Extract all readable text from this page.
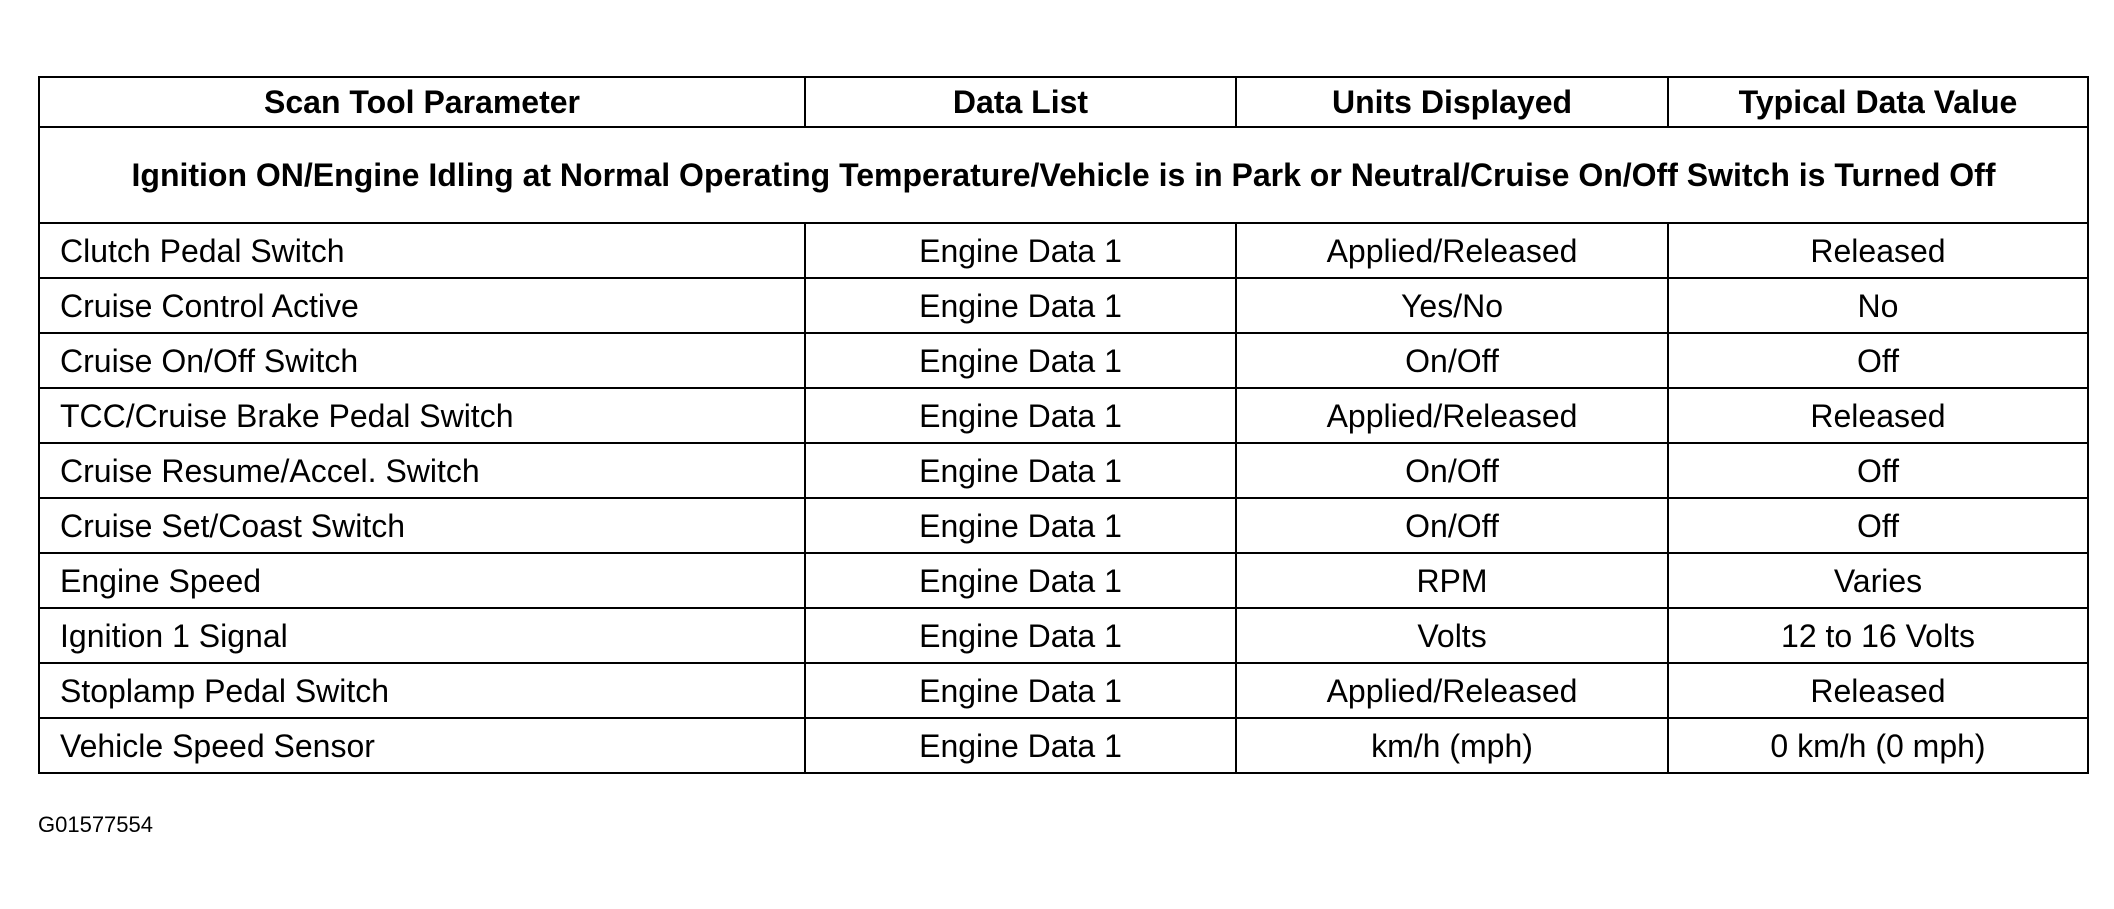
Scan Tool Parameter	Data List	Units Displayed	Typical Data Value
Ignition ON/Engine Idling at Normal Operating Temperature/Vehicle is in Park or Neutral/Cruise On/Off Switch is Turned Off			
Clutch Pedal Switch	Engine Data 1	Applied/Released	Released
Cruise Control Active	Engine Data 1	Yes/No	No
Cruise On/Off Switch	Engine Data 1	On/Off	Off
TCC/Cruise Brake Pedal Switch	Engine Data 1	Applied/Released	Released
Cruise Resume/Accel. Switch	Engine Data 1	On/Off	Off
Cruise Set/Coast Switch	Engine Data 1	On/Off	Off
Engine Speed	Engine Data 1	RPM	Varies
Ignition 1 Signal	Engine Data 1	Volts	12 to 16 Volts
Stoplamp Pedal Switch	Engine Data 1	Applied/Released	Released
Vehicle Speed Sensor	Engine Data 1	km/h (mph)	0 km/h (0 mph)
G01577554
